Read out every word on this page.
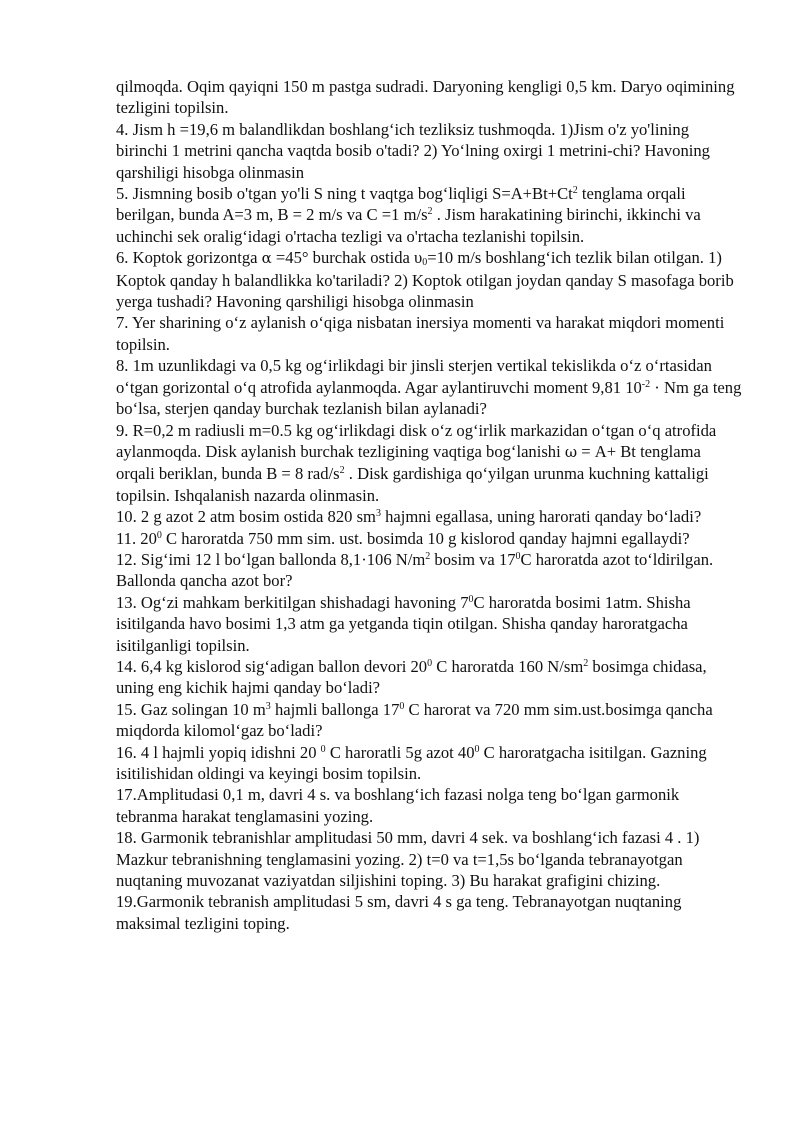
qilmoqda. Oqim qayiqni 150 m pastga sudradi. Daryoning kengligi 0,5 km. Daryo oqimining tezligini topilsin.

4. Jism h =19,6 m balandlikdan boshlang‘ich tezliksiz tushmoqda. 1)Jism o'z yo'lining birinchi 1 metrini qancha vaqtda bosib o'tadi? 2) Yo‘lning oxirgi 1 metrini-chi? Havoning qarshiligi hisobga olinmasin

5. Jismning bosib o'tgan yo'li S ning t vaqtga bog‘liqligi $S=A+Bt+Ct^2$ tenglama orqali berilgan, bunda A=3 m, B = 2 m/s va C =1 $m/s^2$ . Jism harakatining birinchi, ikkinchi va uchinchi sek oralig‘idagi o'rtacha tezligi va o'rtacha tezlanishi topilsin.

6. Koptok gorizontga α =45° burchak ostida $\upsilon_0=10$ m/s boshlang‘ich tezlik bilan otilgan. 1) Koptok qanday h balandlikka ko'tariladi? 2) Koptok otilgan joydan qanday S masofaga borib yerga tushadi? Havoning qarshiligi hisobga olinmasin

7. Yer sharining o‘z aylanish o‘qiga nisbatan inersiya momenti va harakat miqdori momenti topilsin.

8. 1m uzunlikdagi va 0,5 kg og‘irlikdagi bir jinsli sterjen vertikal tekislikda o‘z o‘rtasidan o‘tgan gorizontal o‘q atrofida aylanmoqda. Agar aylantiruvchi moment 9,81 $10^{-2} \cdot Nm$ ga teng bo‘lsa, sterjen qanday burchak tezlanish bilan aylanadi?

9. R=0,2 m radiusli m=0.5 kg og‘irlikdagi disk o‘z og‘irlik markazidan o‘tgan o‘q atrofida aylanmoqda. Disk aylanish burchak tezligining vaqtiga bog‘lanishi ω = A+ Bt tenglama orqali beriklan, bunda B = 8 rad/$s^2$ . Disk gardishiga qo‘yilgan urunma kuchning kattaligi topilsin. Ishqalanish nazarda olinmasin.

10. 2 g azot 2 atm bosim ostida 820 $sm^3$ hajmni egallasa, uning harorati qanday bo‘ladi?

11. $20^0$ C haroratda 750 mm sim. ust. bosimda 10 g kislorod qanday hajmni egallaydi?

12. Sig‘imi 12 l bo‘lgan ballonda 8,1·106 $N/m^2$ bosim va $17^0C$ haroratda azot to‘ldirilgan. Ballonda qancha azot bor?

13. Og‘zi mahkam berkitilgan shishadagi havoning $7^0C$ haroratda bosimi 1atm. Shisha isitilganda havo bosimi 1,3 atm ga yetganda tiqin otilgan. Shisha qanday haroratgacha isitilganligi topilsin.

14. 6,4 kg kislorod sig‘adigan ballon devori $20^0$ C haroratda 160 $N/sm^2$ bosimga chidasa, uning eng kichik hajmi qanday bo‘ladi?

15. Gaz solingan 10 $m^3$ hajmli ballonga $17^0$ C harorat va 720 mm sim.ust.bosimga qancha miqdorda kilomol‘gaz bo‘ladi?

16. 4 l hajmli yopiq idishni 20 $^0$ C haroratli 5g azot $40^0$ C haroratgacha isitilgan. Gazning isitilishidan oldingi va keyingi bosim topilsin.

17.Amplitudasi 0,1 m, davri 4 s. va boshlang‘ich fazasi nolga teng bo‘lgan garmonik tebranma harakat tenglamasini yozing.

18. Garmonik tebranishlar amplitudasi 50 mm, davri 4 sek. va boshlang‘ich fazasi 4 . 1) Mazkur tebranishning tenglamasini yozing. 2) t=0 va t=1,5s bo‘lganda tebranayotgan nuqtaning muvozanat vaziyatdan siljishini toping. 3) Bu harakat grafigini chizing.

19.Garmonik tebranish amplitudasi 5 sm, davri 4 s ga teng. Tebranayotgan nuqtaning maksimal tezligini toping.
